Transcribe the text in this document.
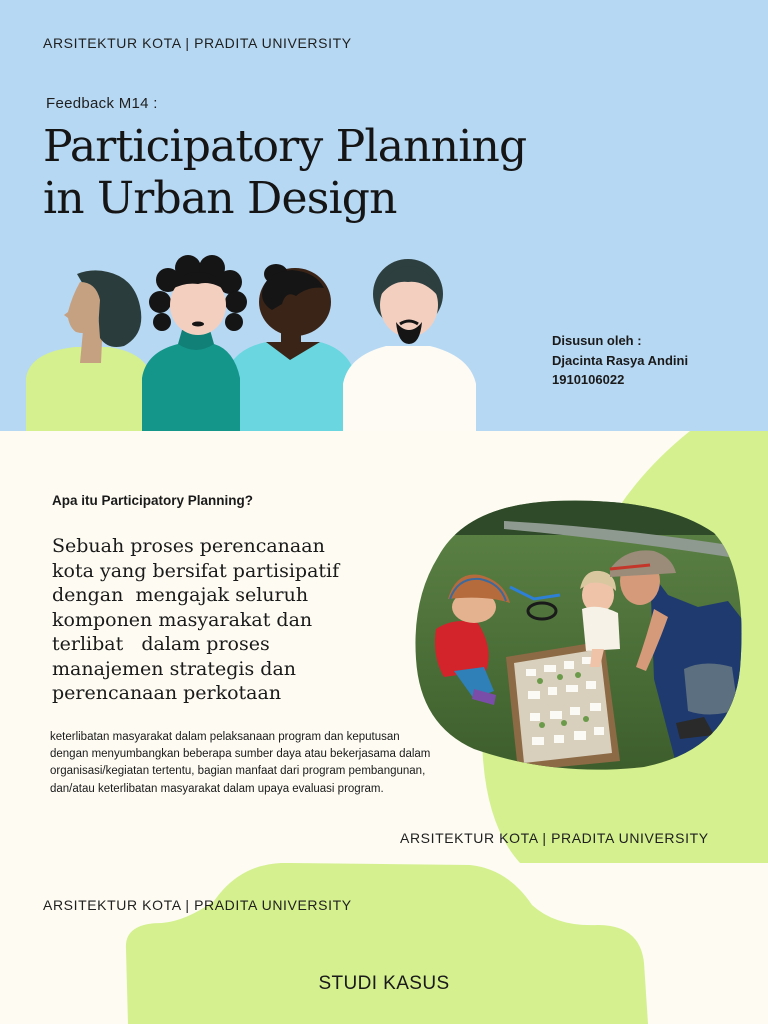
ARSITEKTUR KOTA | PRADITA UNIVERSITY
Feedback M14 :
Participatory Planning
in Urban Design
Disusun oleh :
Djacinta Rasya Andini
1910106022
Apa itu Participatory Planning?

Sebuah proses perencanaan
kota yang bersifat partisipatif
dengan  mengajak seluruh
komponen masyarakat dan
terlibat   dalam proses
manajemen strategis dan
perencanaan perkotaan

keterlibatan masyarakat dalam pelaksanaan program dan keputusan dengan menyumbangkan beberapa sumber daya atau bekerjasama dalam organisasi/kegiatan tertentu, bagian manfaat dari program pembangunan, dan/atau keterlibatan masyarakat dalam upaya evaluasi program.

ARSITEKTUR KOTA | PRADITA UNIVERSITY
ARSITEKTUR KOTA | PRADITA UNIVERSITY
STUDI KASUS
